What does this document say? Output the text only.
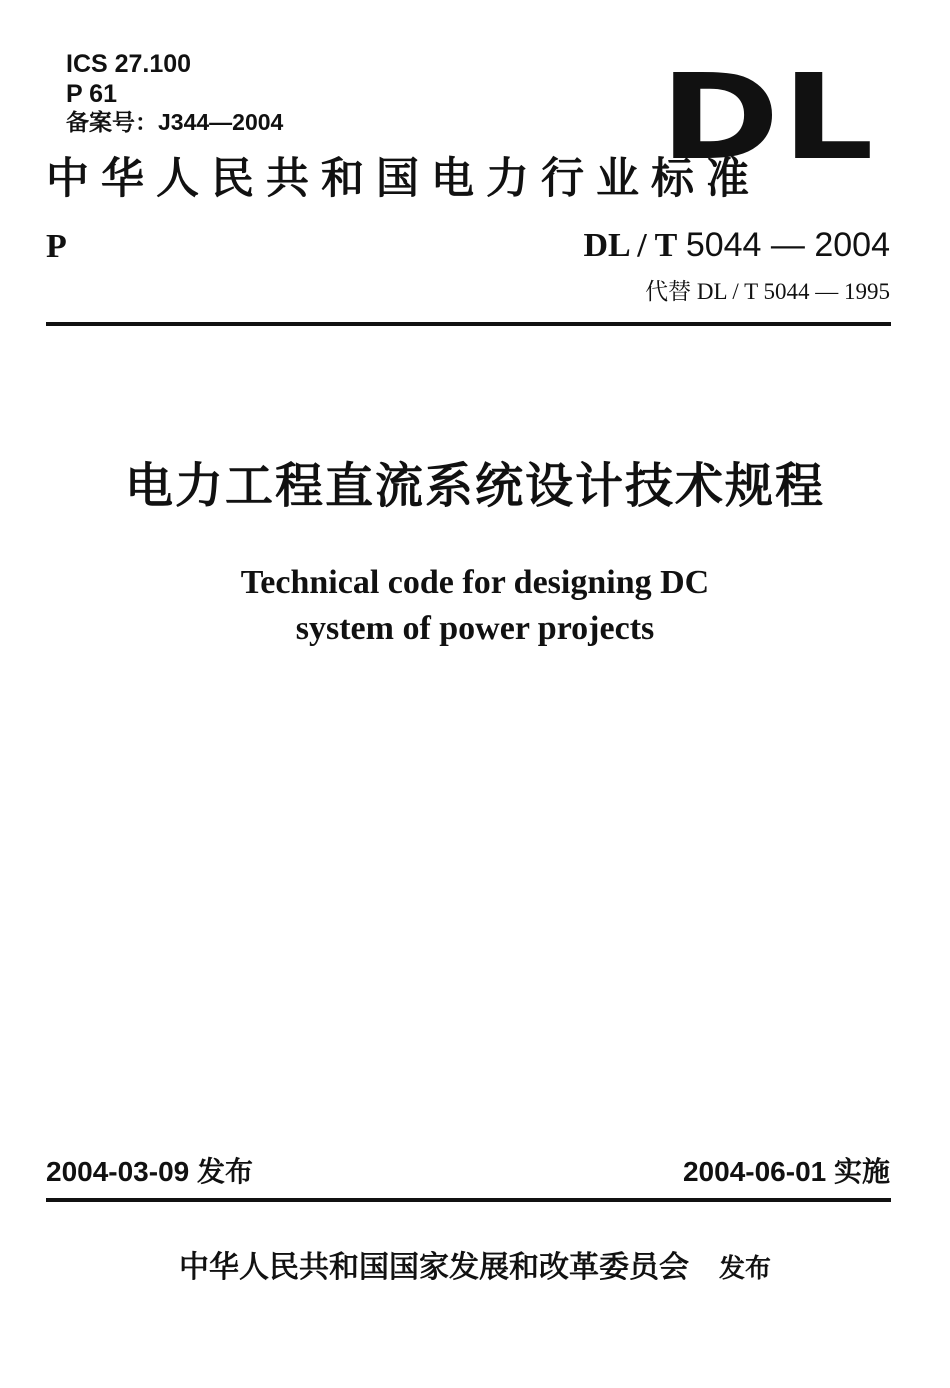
ICS 27.100
P 61
备案号：J344—2004	DL
中华人民共和国电力行业标准
P	DL / T 5044 — 2004
代替 DL / T 5044 — 1995
电力工程直流系统设计技术规程
Technical code for designing DC
system of power projects
2004-03-09 发布	2004-06-01 实施
中华人民共和国国家发展和改革委员会 发布
